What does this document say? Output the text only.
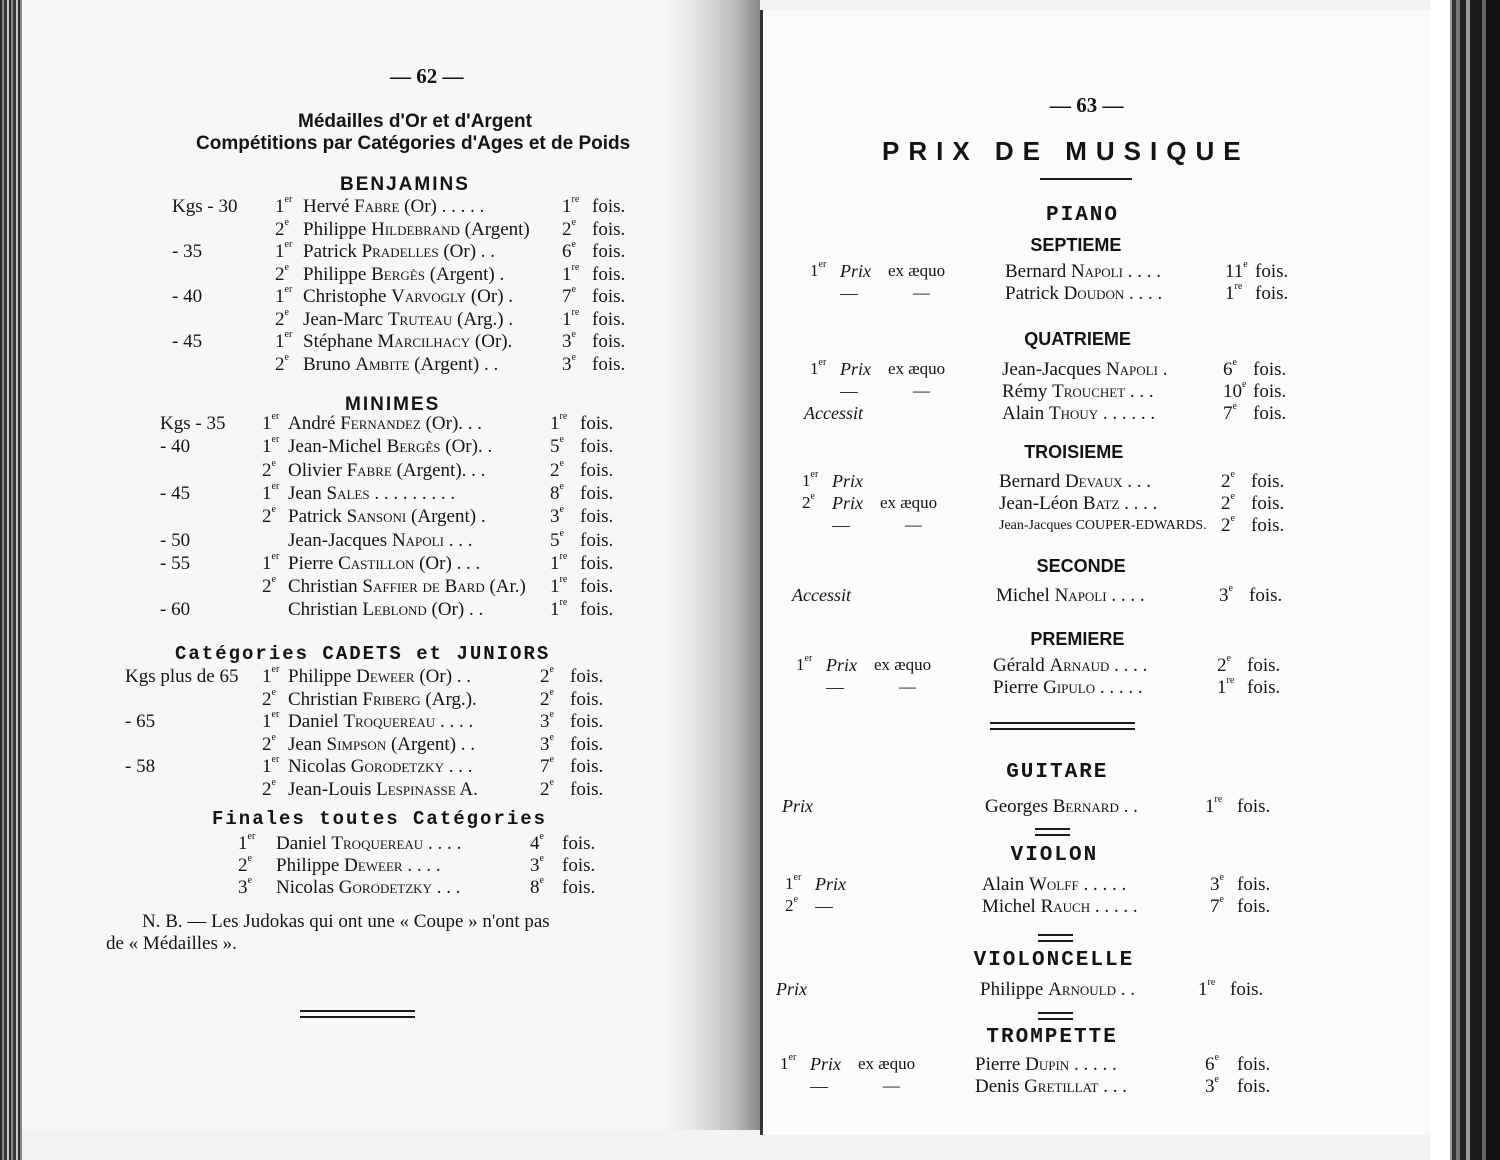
— 62 —
Médailles d'Or et d'Argent
Compétitions par Catégories d'Ages et de Poids
N. B. — Les Judokas qui ont une « Coupe » n'ont pas
de « Médailles ».
BENJAMINS
Kgs - 30 1er Hervé Fabre (Or) . . . . .	1re fois.
2e Philippe Hildebrand (Argent) 2e fois.
- 35	1er Patrick Pradelles (Or) . .	6e fois.
2e Philippe Bergès (Argent) .	1re fois.
- 40	1er Christophe Varvogly (Or) .	7e fois.
2e Jean-Marc Truteau (Arg.) .	1re fois.
- 45	1er Stéphane Marcilhacy (Or).	3e fois.
2e Bruno Ambite (Argent) . .	3e fois.
MINIMES
Kgs - 35 1er André Fernandez (Or). . .	1re fois.
- 40	1er Jean-Michel Bergès (Or). .	5e fois.
2e Olivier Fabre (Argent). . .	2e fois.
- 45	1er Jean Sales . . . . . . . . .	8e fois.
2e Patrick Sansoni (Argent) .	3e fois.
- 50	Jean-Jacques Napoli . . .	5e fois.
- 55	1er Pierre Castillon (Or) . . .	1re fois.
2e Christian Saffier de Bard (Ar.) 1re fois.
- 60	Christian Leblond (Or) . .	1re fois.
Catégories CADETS et JUNIORS
Kgs plus de 65 1er Philippe Deweer (Or) . .	2e fois.
2e Christian Friberg (Arg.).	2e fois.
- 65	1er Daniel Troquereau . . . .	3e fois.
2e Jean Simpson (Argent) . .	3e fois.
- 58	1er Nicolas Gorodetzky . . .	7e fois.
2e Jean-Louis Lespinasse A.	2e fois.
Finales toutes Catégories
1er Daniel Troquereau . . . .	4e fois.
2e Philippe Deweer . . . .	3e fois.
3e Nicolas Gorodetzky . . .	8e fois.
— 63 —
PRIX DE MUSIQUE
PIANO
SEPTIEME
1er Prix ex æquo	Bernard Napoli . . . .	11e fois.
—	—	Patrick Doudon . . . .	1re fois.
QUATRIEME
1er Prix ex æquo	Jean-Jacques Napoli .	6e fois.
—	—	Rémy Trouchet . . .	10e fois.
Accessit	Alain Thouy . . . . . .	7e fois.
TROISIEME
1er Prix	Bernard Devaux . . .	2e fois.
2e Prix ex æquo	Jean-Léon Batz . . . .	2e fois.
—	—	Jean-Jacques COUPER-EDWARDS. 2e fois.
SECONDE
Accessit	Michel Napoli . . . .	3e fois.
PREMIERE
1er Prix ex æquo	Gérald Arnaud . . . .	2e fois.
—	—	Pierre Gipulo . . . . .	1re fois.
GUITARE
Prix	Georges Bernard . .	1re fois.
VIOLON
1er Prix	Alain Wolff . . . . .	3e fois.
2e —	Michel Rauch . . . . .	7e fois.
VIOLONCELLE
Prix	Philippe Arnould . .	1re fois.
TROMPETTE
1er Prix ex æquo	Pierre Dupin . . . . .	6e fois.
—	—	Denis Gretillat . . .	3e fois.
